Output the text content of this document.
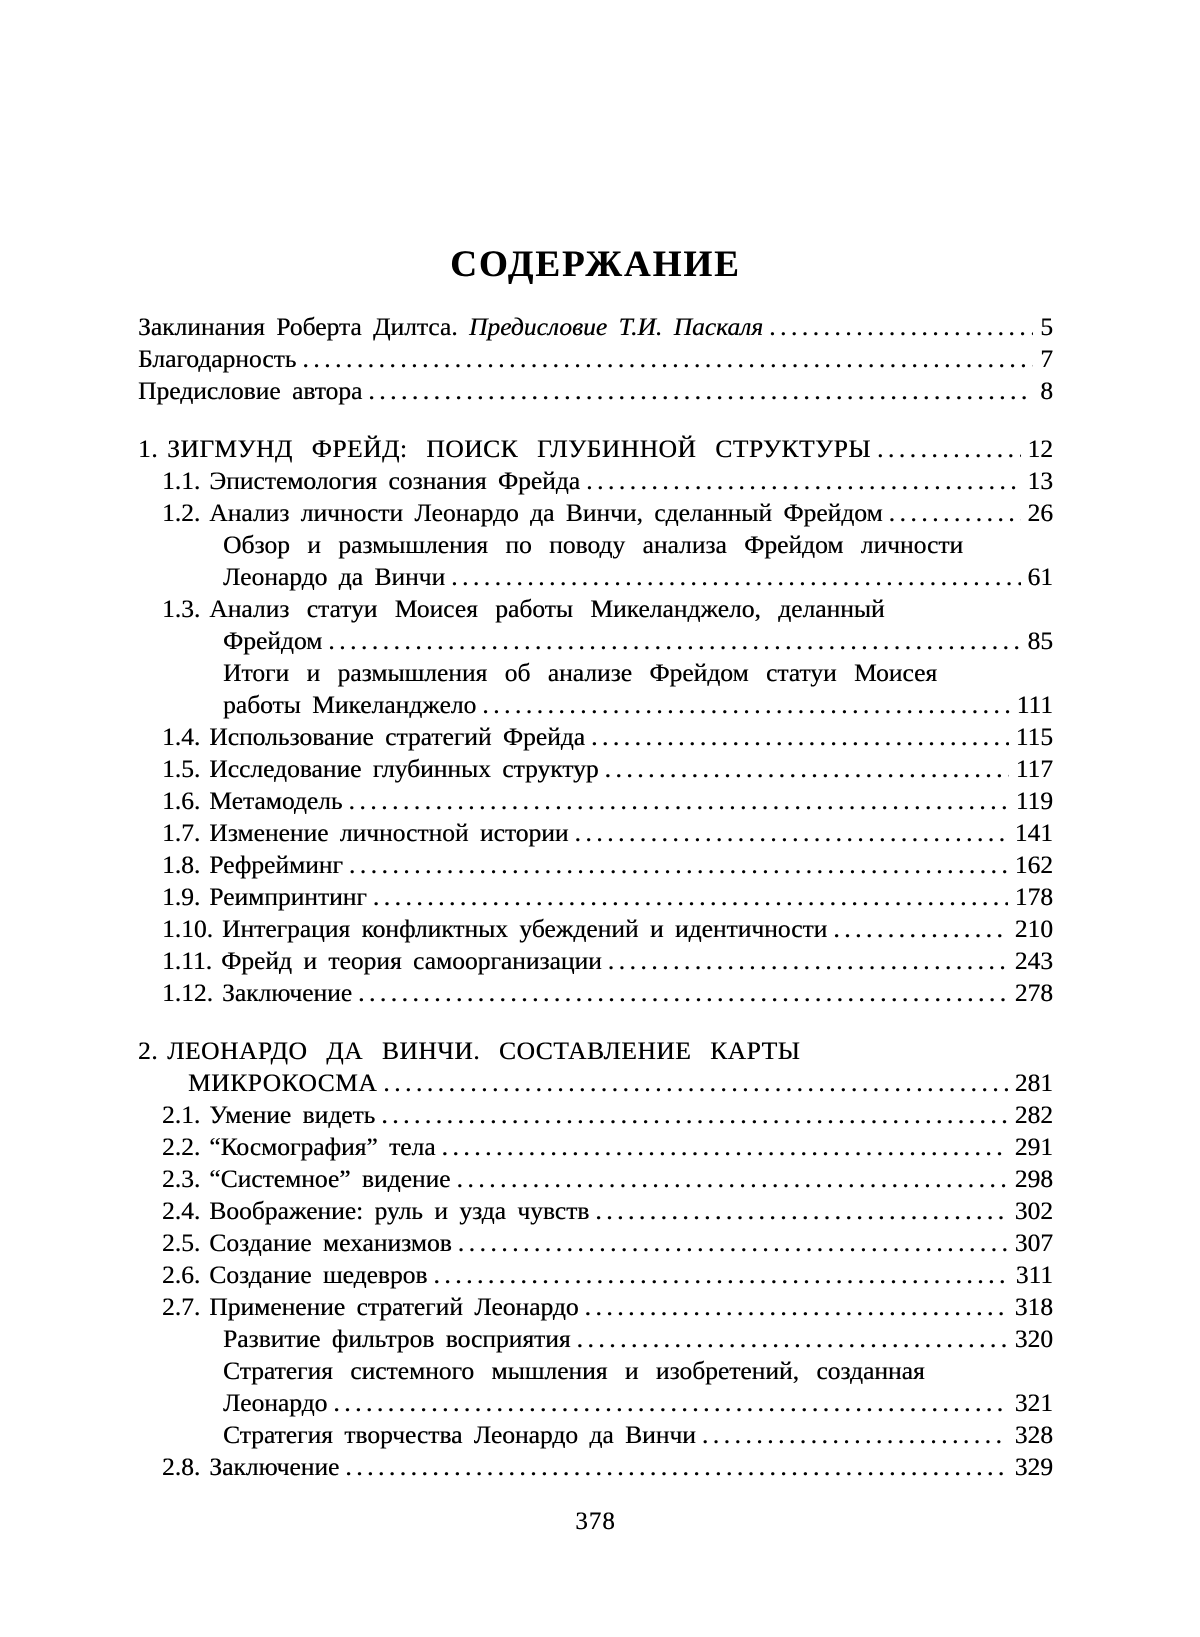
СОДЕРЖАНИЕ
Заклинания Роберта Дилтса. Предисловие Т.И. Паскаля .....	5
Благодарность .....	7
Предисловие автора .....	8
1. ЗИГМУНД ФРЕЙД: ПОИСК ГЛУБИННОЙ СТРУКТУРЫ .....	12
1.1. Эпистемология сознания Фрейда .....	13
1.2. Анализ личности Леонардо да Винчи, сделанный Фрейдом .....	26
Обзор и размышления по поводу анализа Фрейдом личности
Леонардо да Винчи .....	61
1.3. Анализ статуи Моисея работы Микеланджело, деланный
Фрейдом .....	85
Итоги и размышления об анализе Фрейдом статуи Моисея
работы Микеланджело .....	111
1.4. Использование стратегий Фрейда .....	115
1.5. Исследование глубинных структур .....	117
1.6. Метамодель .....	119
1.7. Изменение личностной истории .....	141
1.8. Рефрейминг .....	162
1.9. Реимпринтинг .....	178
1.10. Интеграция конфликтных убеждений и идентичности .....	210
1.11. Фрейд и теория самоорганизации .....	243
1.12. Заключение .....	278
2. ЛЕОНАРДО ДА ВИНЧИ. СОСТАВЛЕНИЕ КАРТЫ
МИКРОКОСМА .....	281
2.1. Умение видеть .....	282
2.2. “Космография” тела .....	291
2.3. “Системное” видение .....	298
2.4. Воображение: руль и узда чувств .....	302
2.5. Создание механизмов .....	307
2.6. Создание шедевров .....	311
2.7. Применение стратегий Леонардо .....	318
Развитие фильтров восприятия .....	320
Стратегия системного мышления и изобретений, созданная
Леонардо .....	321
Стратегия творчества Леонардо да Винчи .....	328
2.8. Заключение .....	329
378
